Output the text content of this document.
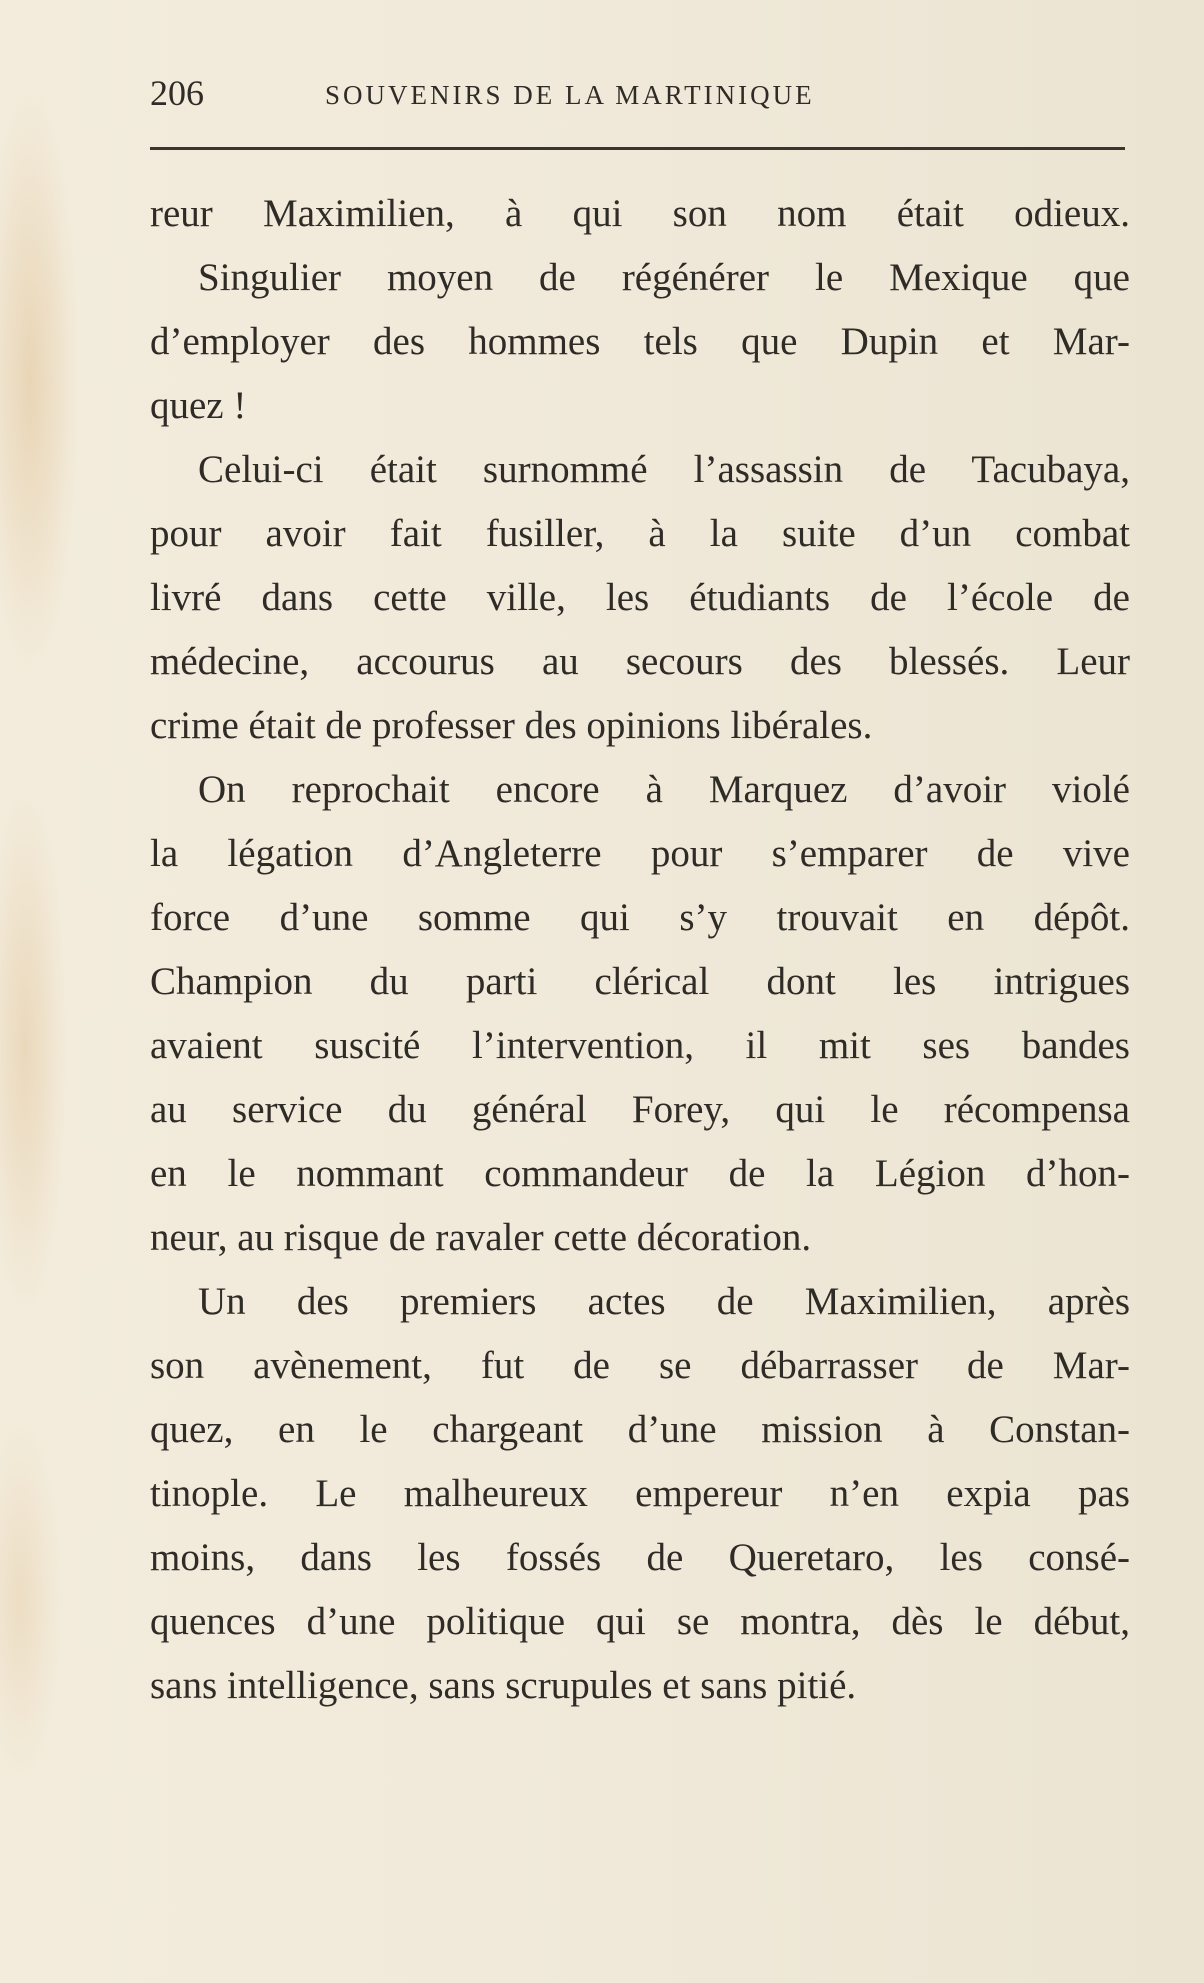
206	SOUVENIRS DE LA MARTINIQUE
reur Maximilien, à qui son nom était odieux.
Singulier moyen de régénérer le Mexique que
d’employer des hommes tels que Dupin et Mar-
quez !
Celui-ci était surnommé l’assassin de Tacubaya,
pour avoir fait fusiller, à la suite d’un combat
livré dans cette ville, les étudiants de l’école de
médecine, accourus au secours des blessés. Leur
crime était de professer des opinions libérales.
On reprochait encore à Marquez d’avoir violé
la légation d’Angleterre pour s’emparer de vive
force d’une somme qui s’y trouvait en dépôt.
Champion du parti clérical dont les intrigues
avaient suscité l’intervention, il mit ses bandes
au service du général Forey, qui le récompensa
en le nommant commandeur de la Légion d’hon-
neur, au risque de ravaler cette décoration.
Un des premiers actes de Maximilien, après
son avènement, fut de se débarrasser de Mar-
quez, en le chargeant d’une mission à Constan-
tinople. Le malheureux empereur n’en expia pas
moins, dans les fossés de Queretaro, les consé-
quences d’une politique qui se montra, dès le début,
sans intelligence, sans scrupules et sans pitié.
